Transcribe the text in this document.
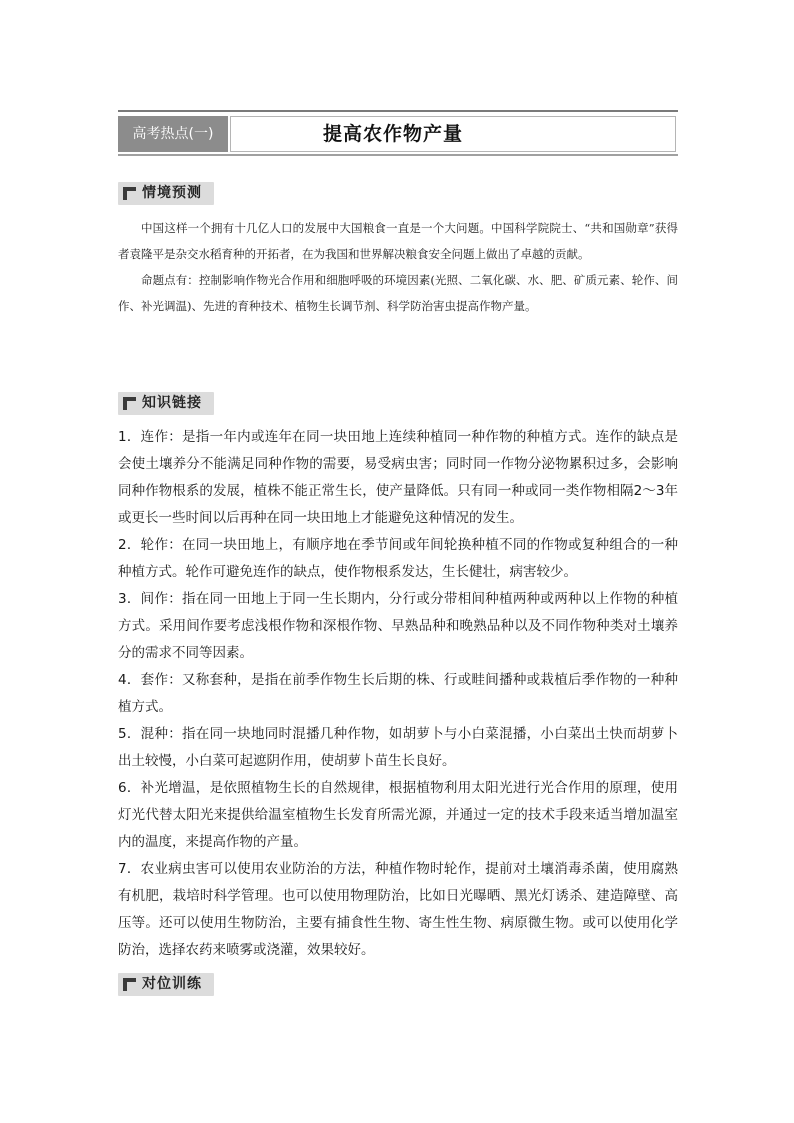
高考热点(一)	提高农作物产量
情境预测

中国这样一个拥有十几亿人口的发展中大国粮食一直是一个大问题。中国科学院院士、“共和国勋章”获得者袁隆平是杂交水稻育种的开拓者，在为我国和世界解决粮食安全问题上做出了卓越的贡献。

命题点有：控制影响作物光合作用和细胞呼吸的环境因素(光照、二氧化碳、水、肥、矿质元素、轮作、间作、补光调温)、先进的育种技术、植物生长调节剂、科学防治害虫提高作物产量。

知识链接

1．连作：是指一年内或连年在同一块田地上连续种植同一种作物的种植方式。连作的缺点是会使土壤养分不能满足同种作物的需要，易受病虫害；同时同一作物分泌物累积过多，会影响同种作物根系的发展，植株不能正常生长，使产量降低。只有同一种或同一类作物相隔2～3年或更长一些时间以后再种在同一块田地上才能避免这种情况的发生。

2．轮作：在同一块田地上，有顺序地在季节间或年间轮换种植不同的作物或复种组合的一种种植方式。轮作可避免连作的缺点，使作物根系发达，生长健壮，病害较少。

3．间作：指在同一田地上于同一生长期内，分行或分带相间种植两种或两种以上作物的种植方式。采用间作要考虑浅根作物和深根作物、早熟品种和晚熟品种以及不同作物种类对土壤养分的需求不同等因素。

4．套作：又称套种，是指在前季作物生长后期的株、行或畦间播种或栽植后季作物的一种种植方式。

5．混种：指在同一块地同时混播几种作物，如胡萝卜与小白菜混播，小白菜出土快而胡萝卜出土较慢，小白菜可起遮阴作用，使胡萝卜苗生长良好。

6．补光增温，是依照植物生长的自然规律，根据植物利用太阳光进行光合作用的原理，使用灯光代替太阳光来提供给温室植物生长发育所需光源，并通过一定的技术手段来适当增加温室内的温度，来提高作物的产量。

7．农业病虫害可以使用农业防治的方法，种植作物时轮作，提前对土壤消毒杀菌，使用腐熟有机肥，栽培时科学管理。也可以使用物理防治，比如日光曝晒、黑光灯诱杀、建造障壁、高压等。还可以使用生物防治，主要有捕食性生物、寄生性生物、病原微生物。或可以使用化学防治，选择农药来喷雾或浇灌，效果较好。

对位训练
